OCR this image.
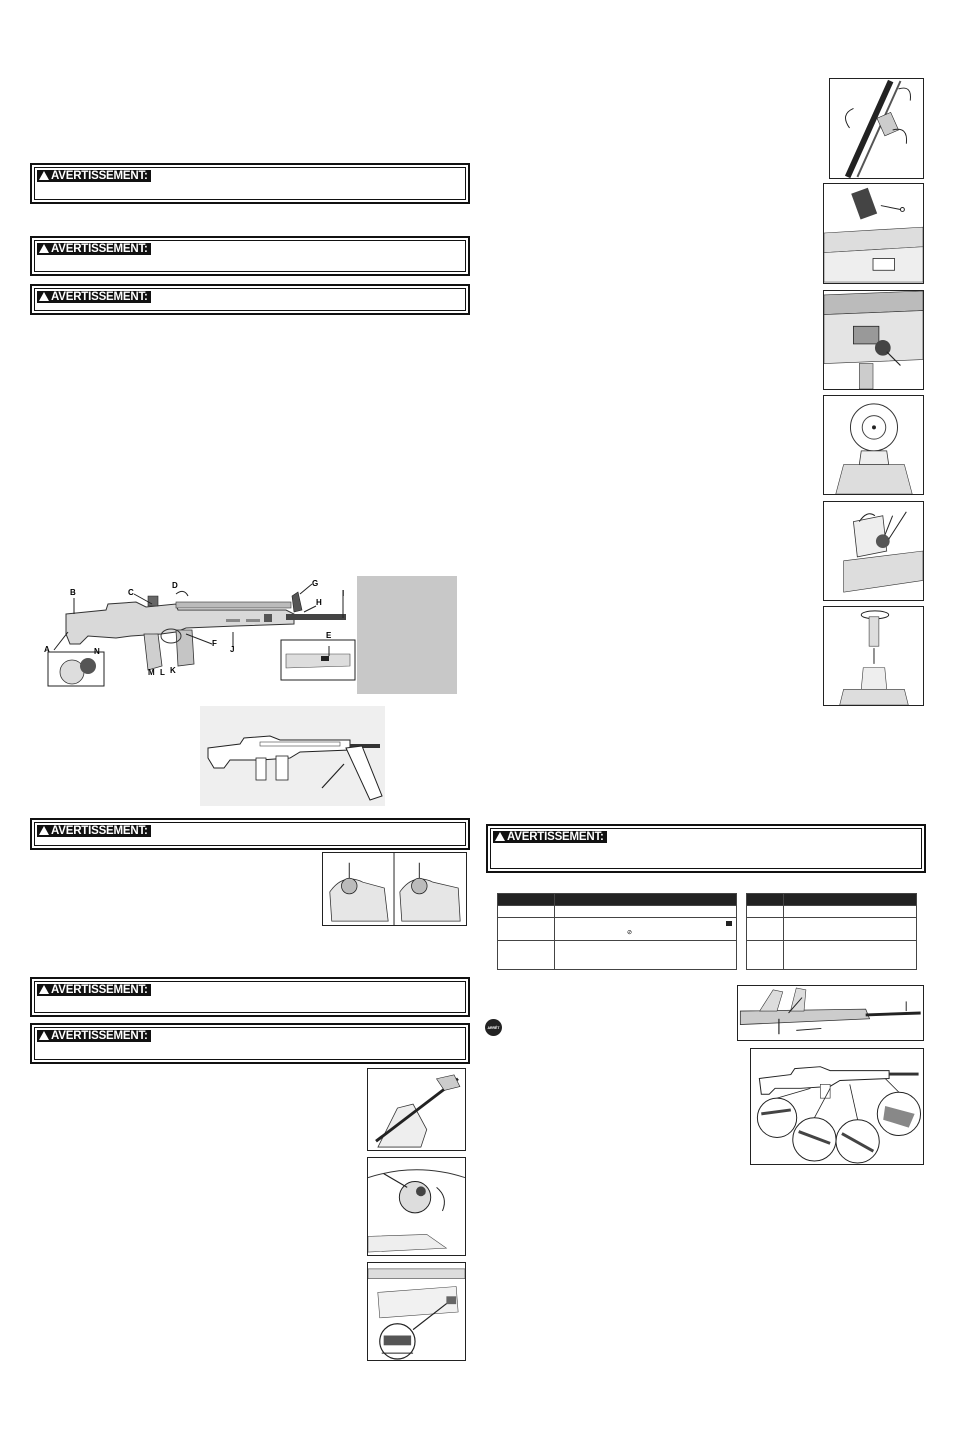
AVERTISSEMENT:
AVERTISSEMENT:
AVERTISSEMENT:
A
B	C
D
E
F
G
H
I
J
K
L
M
N
AVERTISSEMENT:
AVERTISSEMENT:
AVERTISSEMENT:
AVERTISSEMENT:

	⊘			

ARRÊT
